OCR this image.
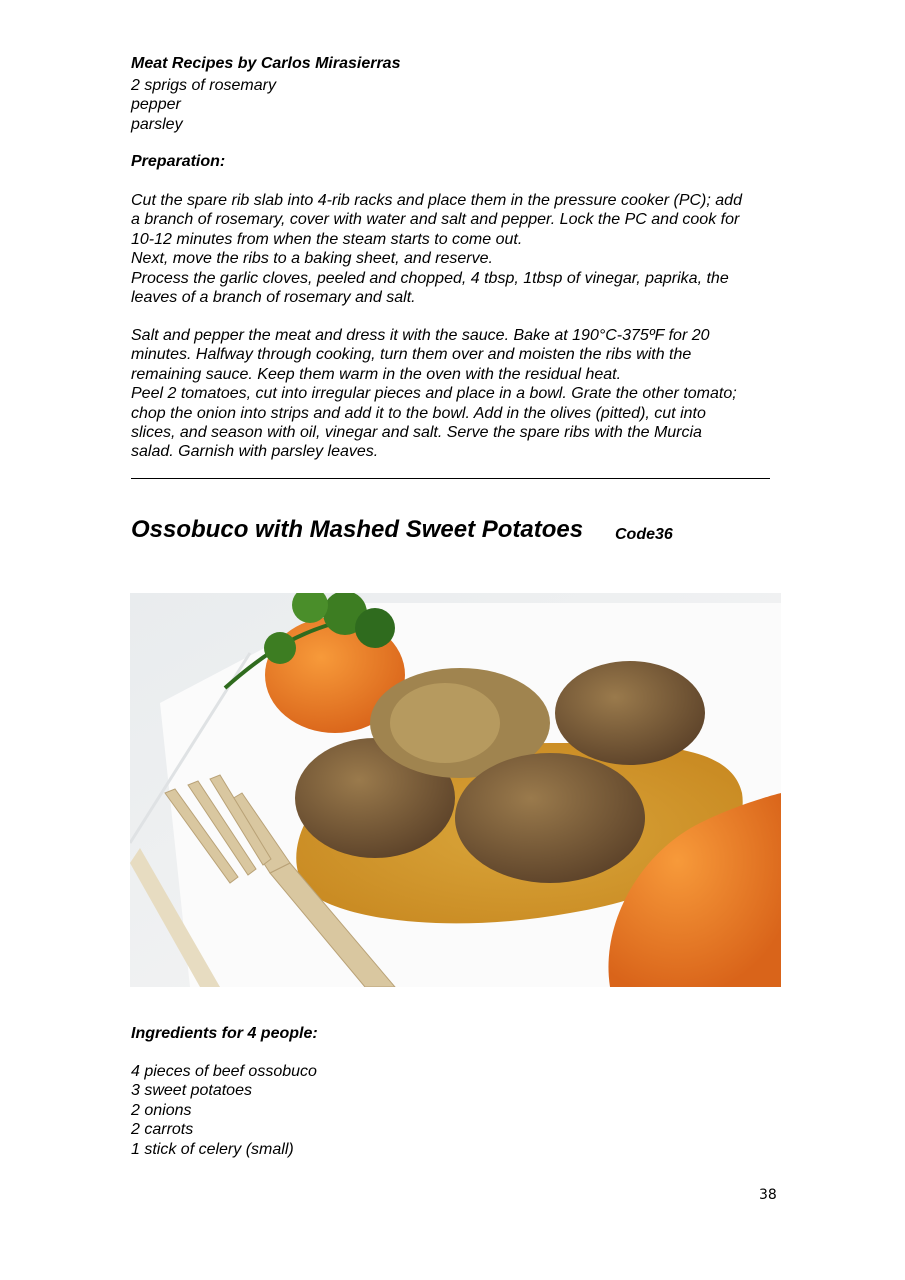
Meat Recipes by Carlos Mirasierras
2 sprigs of rosemary
pepper
parsley
Preparation:
Cut the spare rib slab into 4-rib racks and place them in the pressure cooker (PC); add
a branch of rosemary, cover with water and salt and pepper. Lock the PC and cook for
10-12 minutes from when the steam starts to come out.
Next, move the ribs to a baking sheet, and reserve.
Process the garlic cloves, peeled and chopped, 4 tbsp, 1tbsp of vinegar, paprika, the
leaves of a branch of rosemary and salt.
Salt and pepper the meat and dress it with the sauce. Bake at 190°C-375ºF for 20
minutes. Halfway through cooking, turn them over and moisten the ribs with the
remaining sauce. Keep them warm in the oven with the residual heat.
Peel 2 tomatoes, cut into irregular pieces and place in a bowl. Grate the other tomato;
chop the onion into strips and add it to the bowl. Add in the olives (pitted), cut into
slices, and season with oil, vinegar and salt. Serve the spare ribs with the Murcia
salad. Garnish with parsley leaves.
Ossobuco with Mashed Sweet Potatoes Code36
Ingredients for 4 people:
4 pieces of beef ossobuco
3 sweet potatoes
2 onions
2 carrots
1 stick of celery (small)
38
